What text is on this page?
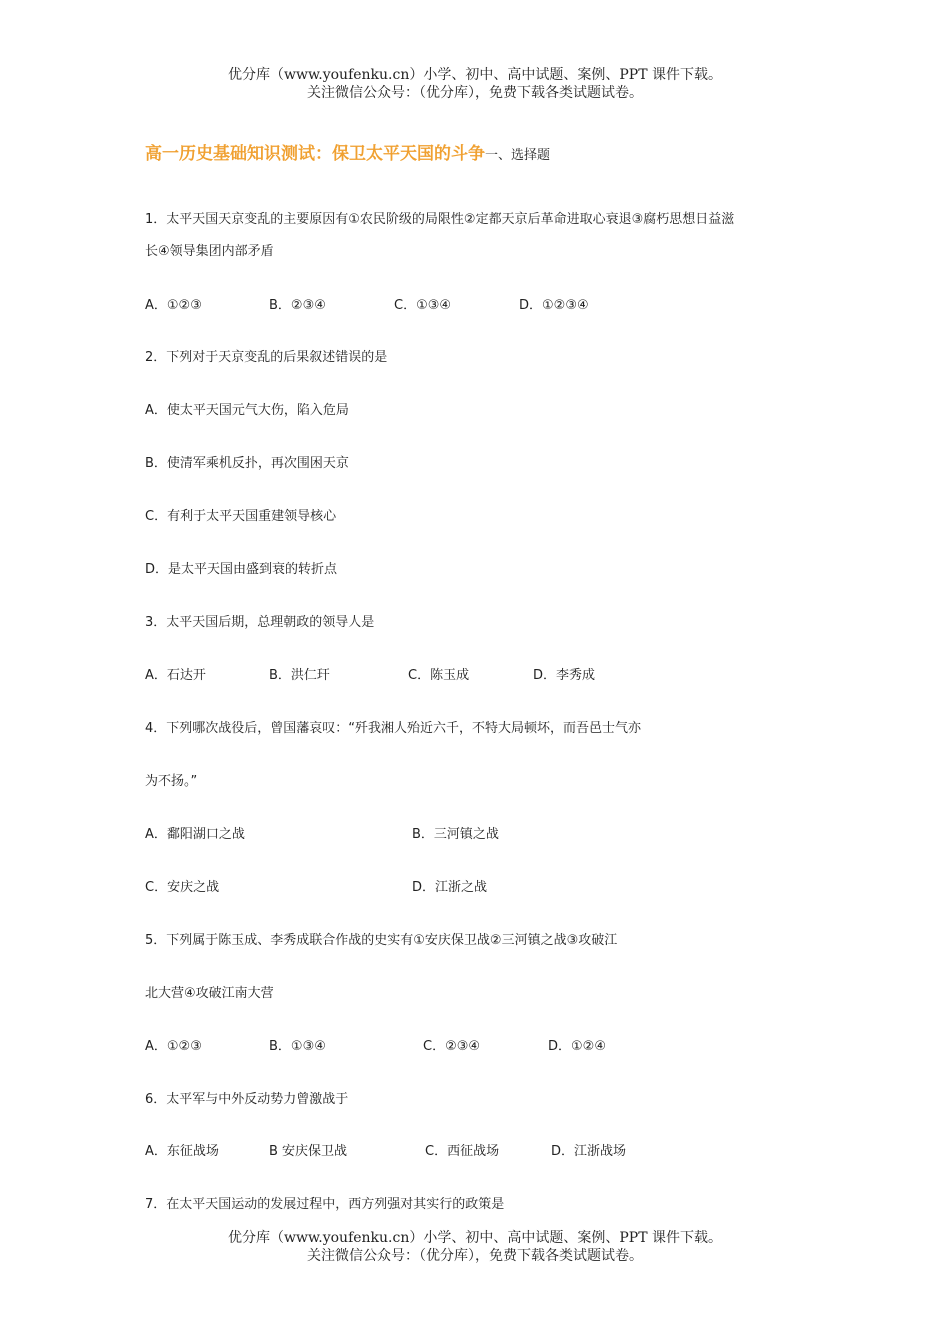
优分库（www.youfenku.cn）小学、初中、高中试题、案例、PPT 课件下载。
关注微信公众号：（优分库），免费下载各类试题试卷。
高一历史基础知识测试：保卫太平天国的斗争一、选择题
1．太平天国天京变乱的主要原因有①农民阶级的局限性②定都天京后革命进取心衰退③腐朽思想日益滋
长④领导集团内部矛盾
A．①②③	B．②③④	C．①③④	D．①②③④
2．下列对于天京变乱的后果叙述错误的是
A．使太平天国元气大伤，陷入危局
B．使清军乘机反扑，再次围困天京
C．有利于太平天国重建领导核心
D．是太平天国由盛到衰的转折点
3．太平天国后期，总理朝政的领导人是
A．石达开	B．洪仁玕	C．陈玉成	D．李秀成
4．下列哪次战役后，曾国藩哀叹：“歼我湘人殆近六千，不特大局顿坏，而吾邑士气亦
为不扬。”
A．鄱阳湖口之战	B．三河镇之战
C．安庆之战	D．江浙之战
5．下列属于陈玉成、李秀成联合作战的史实有①安庆保卫战②三河镇之战③攻破江
北大营④攻破江南大营
A．①②③	B．①③④	C．②③④	D．①②④
6．太平军与中外反动势力曾激战于
A．东征战场	B 安庆保卫战	C．西征战场	D．江浙战场
7．在太平天国运动的发展过程中，西方列强对其实行的政策是
优分库（www.youfenku.cn）小学、初中、高中试题、案例、PPT 课件下载。
关注微信公众号：（优分库），免费下载各类试题试卷。
